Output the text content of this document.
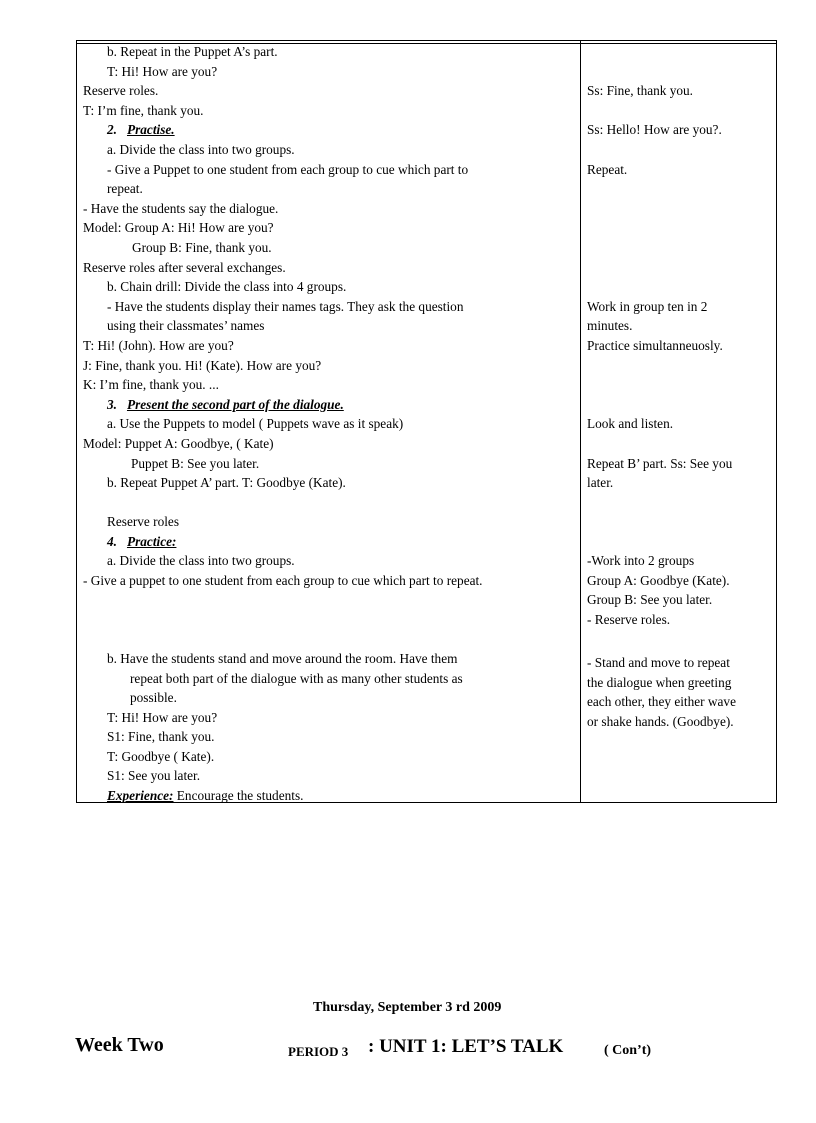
b. Repeat in the Puppet A’s part.
T: Hi! How are you?
Reserve roles.
T: I’m fine, thank you.
2. Practise.
a. Divide the class into two groups.
- Give a Puppet to one student from each group to cue which part to
repeat.
- Have the students say the dialogue.
Model: Group A: Hi! How are you?
Group B: Fine, thank you.
Reserve roles after several exchanges.
b. Chain drill: Divide the class into 4 groups.
- Have the students display their names tags. They ask the question
using their classmates’ names
T: Hi! (John). How are you?
J: Fine, thank you. Hi! (Kate). How are you?
K: I’m fine, thank you. ...
3. Present the second part of the dialogue.
a. Use the Puppets to model ( Puppets wave as it speak)
Model: Puppet A: Goodbye, ( Kate)
Puppet B: See you later.
b. Repeat Puppet A’ part. T: Goodbye (Kate).
Reserve roles
4. Practice:
a. Divide the class into two groups.
- Give a puppet to one student from each group to cue which part to repeat.
b. Have the students stand and move around the room. Have them
repeat both part of the dialogue with as many other students as
possible.
T: Hi! How are you?
S1: Fine, thank you.
T: Goodbye ( Kate).
S1: See you later.
Experience: Encourage the students.
Ss: Fine, thank you.
Ss: Hello! How are you?.
Repeat.
Work in group ten in 2
minutes.
Practice simultanneuosly.
Look and listen.
Repeat B’ part. Ss: See you
later.
-Work into 2 groups
Group A: Goodbye (Kate).
Group B: See you later.
- Reserve roles.
- Stand and move to repeat
the dialogue when greeting
each other, they either wave
or shake hands. (Goodbye).
Thursday, September 3 rd 2009
Week Two	PERIOD 3 : UNIT 1: LET’S TALK	( Con’t)
